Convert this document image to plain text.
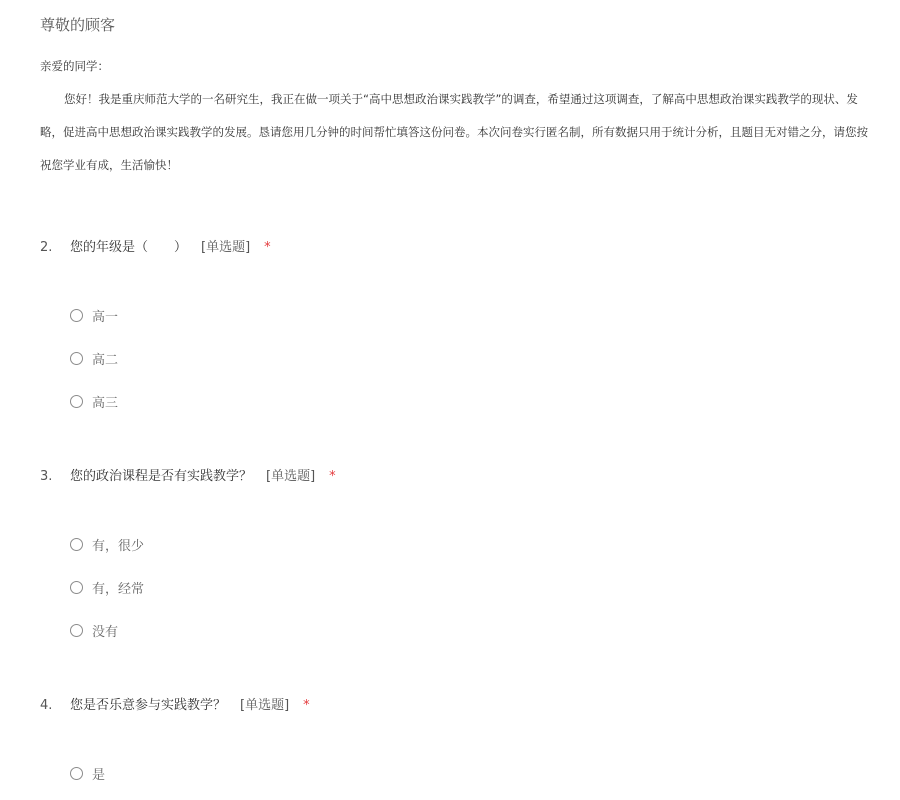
尊敬的顾客
亲爱的同学：
您好！我是重庆师范大学的一名研究生，我正在做一项关于“高中思想政治课实践教学”的调查，希望通过这项调查，了解高中思想政治课实践教学的现状、发
略，促进高中思想政治课实践教学的发展。恳请您用几分钟的时间帮忙填答这份问卷。本次问卷实行匿名制，所有数据只用于统计分析，且题目无对错之分，请您按
祝您学业有成，生活愉快！
2.	您的年级是（　　） [单选题] *
高一
高二
高三
3.	您的政治课程是否有实践教学？ [单选题] *
有，很少
有，经常
没有
4.	您是否乐意参与实践教学？ [单选题] *
是
